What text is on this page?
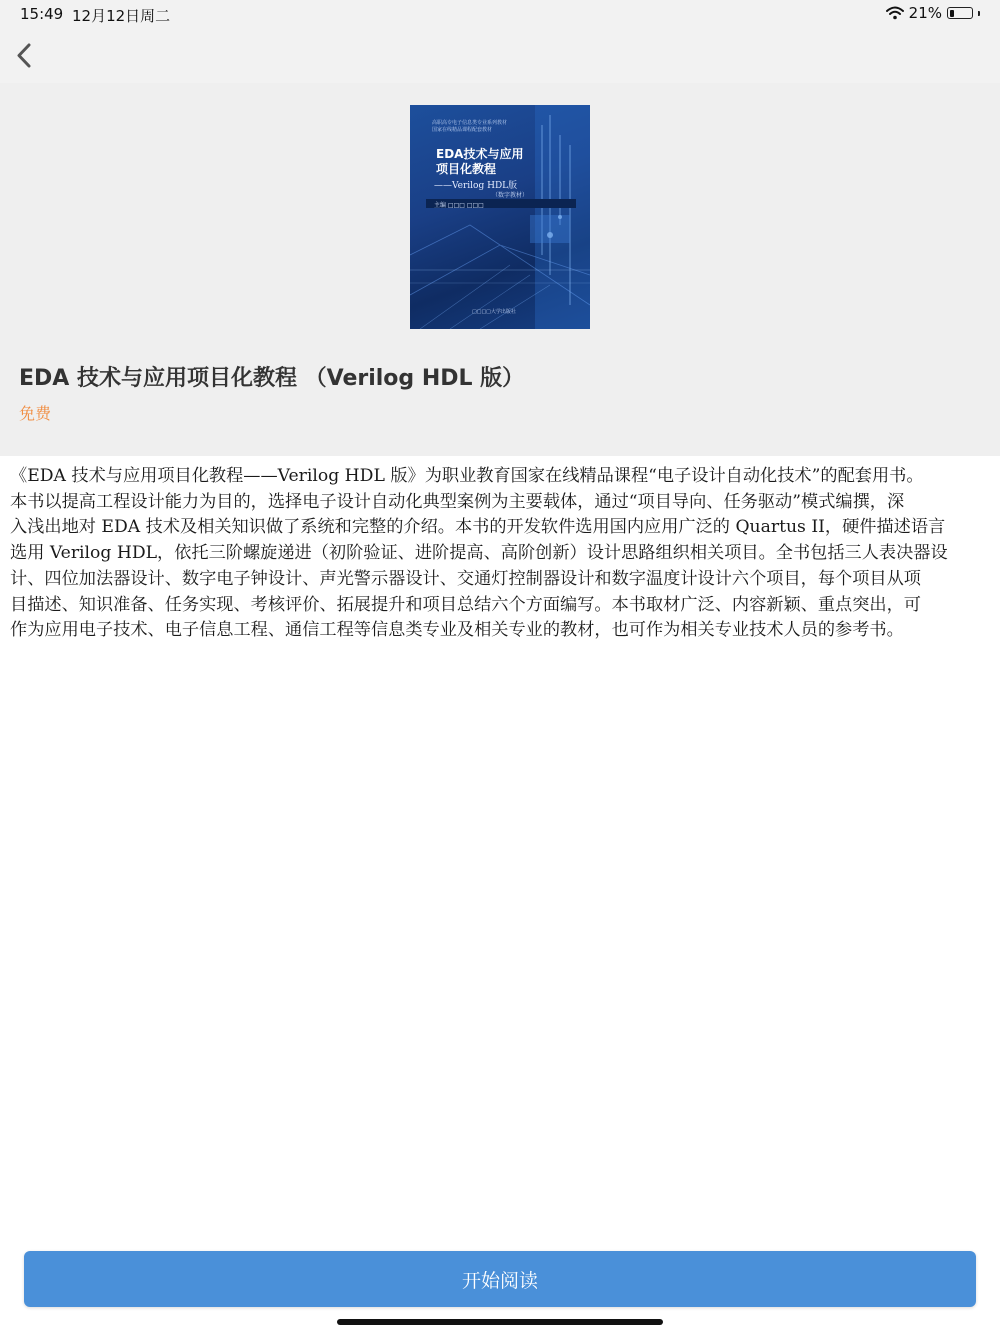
15:49 12月12日周二	21%
高职高专电子信息类专业系列教材
国家在线精品课程配套教材
EDA技术与应用
项目化教程
——Verilog HDL版
（数字教材）
主编 □□□ □□□
□□□□大学出版社
EDA 技术与应用项目化教程 （Verilog HDL 版）
免费

《EDA 技术与应用项目化教程——Verilog HDL 版》为职业教育国家在线精品课程“电子设计自动化技术”的配套用书。
本书以提高工程设计能力为目的，选择电子设计自动化典型案例为主要载体，通过“项目导向、任务驱动”模式编撰，深
入浅出地对 EDA 技术及相关知识做了系统和完整的介绍。本书的开发软件选用国内应用广泛的 Quartus II，硬件描述语言
选用 Verilog HDL，依托三阶螺旋递进（初阶验证、进阶提高、高阶创新）设计思路组织相关项目。全书包括三人表决器设
计、四位加法器设计、数字电子钟设计、声光警示器设计、交通灯控制器设计和数字温度计设计六个项目，每个项目从项
目描述、知识准备、任务实现、考核评价、拓展提升和项目总结六个方面编写。本书取材广泛、内容新颖、重点突出，可
作为应用电子技术、电子信息工程、通信工程等信息类专业及相关专业的教材，也可作为相关专业技术人员的参考书。

开始阅读
